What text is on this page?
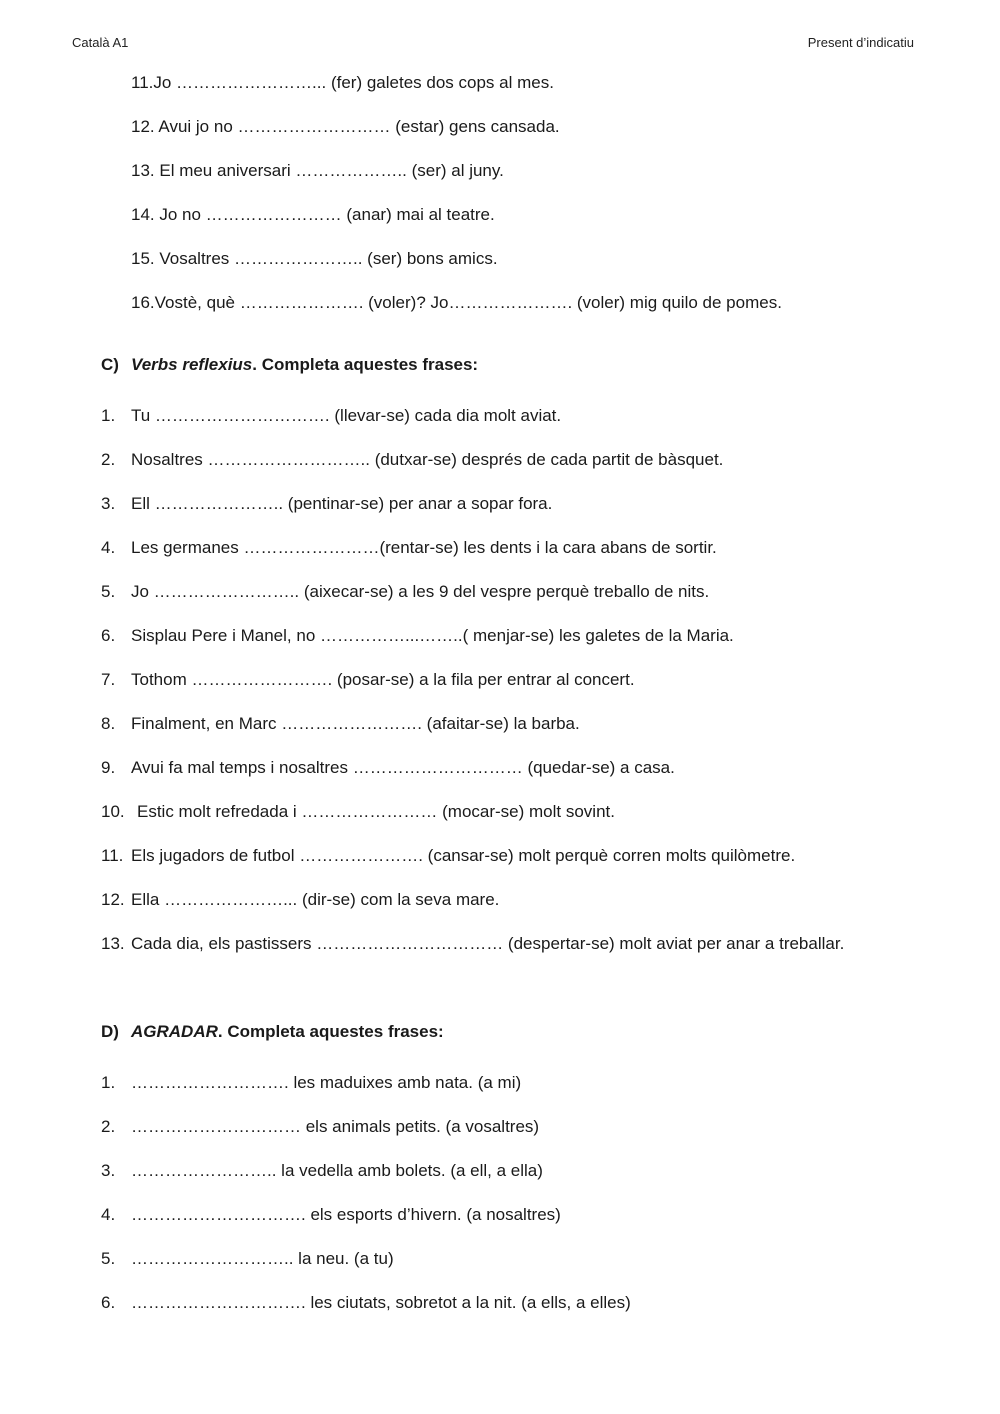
Català A1	Present d’indicatiu
11.Jo ……………………... (fer) galetes dos cops al mes.
12. Avui jo no ……………………… (estar) gens cansada.
13. El meu aniversari ……………….. (ser) al juny.
14. Jo no …………………… (anar) mai al teatre.
15. Vosaltres ………………….. (ser) bons amics.
16.Vostè, què …………………. (voler)? Jo…………………. (voler) mig quilo de pomes.
C) Verbs reflexius. Completa aquestes frases:
1. Tu …………………………. (llevar-se) cada dia molt aviat.
2. Nosaltres ……………………….. (dutxar-se) després de cada partit de bàsquet.
3. Ell ………………….. (pentinar-se) per anar a sopar fora.
4. Les germanes ……………………(rentar-se) les dents i la cara abans de sortir.
5. Jo …………………….. (aixecar-se) a les 9 del vespre perquè treballo de nits.
6. Sisplau Pere i Manel, no ……………...……..( menjar-se) les galetes de la Maria.
7. Tothom ……………………. (posar-se) a la fila per entrar al concert.
8. Finalment, en Marc ……………………. (afaitar-se) la barba.
9. Avui fa mal temps i nosaltres ………………………… (quedar-se) a casa.
10. Estic molt refredada i …………………… (mocar-se) molt sovint.
11. Els jugadors de futbol …………………. (cansar-se) molt perquè corren molts quilòmetre.
12. Ella …………………... (dir-se) com la seva mare.
13. Cada dia, els pastissers …………………………… (despertar-se) molt aviat per anar a treballar.
D) AGRADAR. Completa aquestes frases:
1. ………………………. les maduixes amb nata. (a mi)
2. ………………………… els animals petits. (a vosaltres)
3. …………………….. la vedella amb bolets. (a ell, a ella)
4. …………………………. els esports d’hivern. (a nosaltres)
5. ……………………….. la neu. (a tu)
6. …………………………. les ciutats, sobretot a la nit. (a ells, a elles)
